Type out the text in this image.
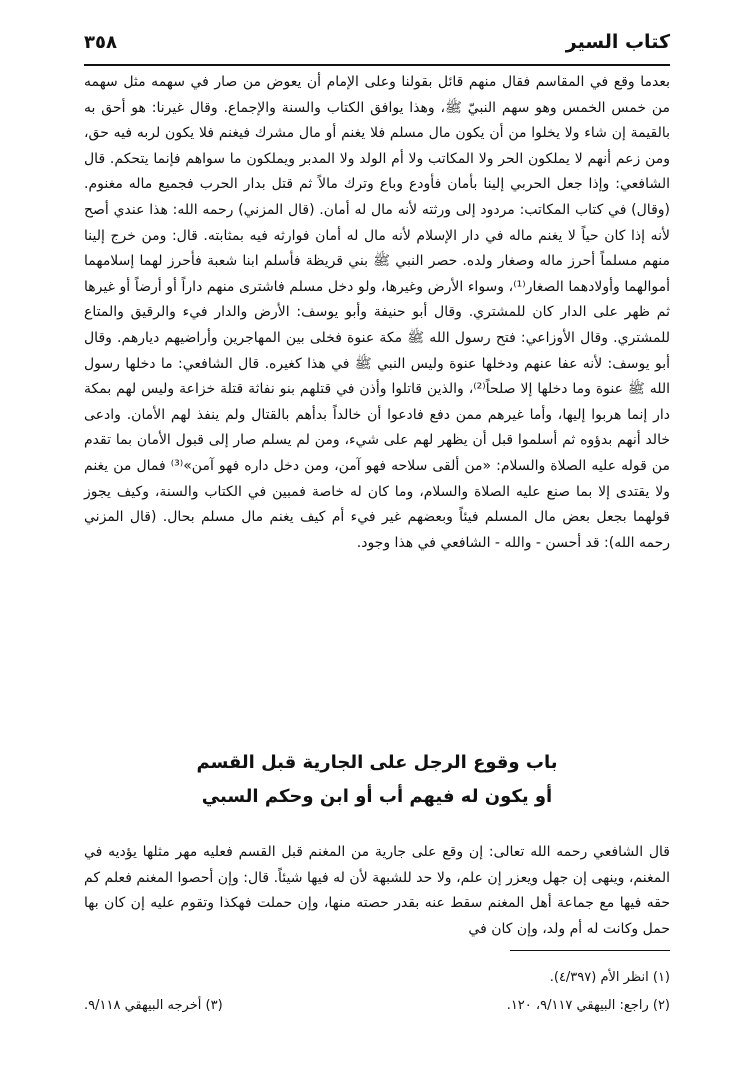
كتاب السير
٣٥٨

بعدما وقع في المقاسم فقال منهم قائل بقولنا وعلى الإمام أن يعوض من صار في سهمه مثل سهمه من خمس الخمس وهو سهم النبيّ ﷺ، وهذا يوافق الكتاب والسنة والإجماع. وقال غيرنا: هو أحق به بالقيمة إن شاء ولا يخلوا من أن يكون مال مسلم فلا يغنم أو مال مشرك فيغنم فلا يكون لربه فيه حق، ومن زعم أنهم لا يملكون الحر ولا المكاتب ولا أم الولد ولا المدبر ويملكون ما سواهم فإنما يتحكم. قال الشافعي: وإذا جعل الحربي إلينا بأمان فأودع وباع وترك مالاً ثم قتل بدار الحرب فجميع ماله مغنوم. (وقال) في كتاب المكاتب: مردود إلى ورثته لأنه مال له أمان. (قال المزني) رحمه الله: هذا عندي أصح لأنه إذا كان حياً لا يغنم ماله في دار الإسلام لأنه مال له أمان فوارثه فيه بمثابته. قال: ومن خرج إلينا منهم مسلماً أحرز ماله وصغار ولده. حصر النبي ﷺ بني قريظة فأسلم ابنا شعبة فأحرز لهما إسلامهما أموالهما وأولادهما الصغار⁽¹⁾، وسواء الأرض وغيرها، ولو دخل مسلم فاشترى منهم داراً أو أرضاً أو غيرها ثم ظهر على الدار كان للمشتري. وقال أبو حنيفة وأبو يوسف: الأرض والدار فيء والرقيق والمتاع للمشتري. وقال الأوزاعي: فتح رسول الله ﷺ مكة عنوة فخلى بين المهاجرين وأراضيهم ديارهم. وقال أبو يوسف: لأنه عفا عنهم ودخلها عنوة وليس النبي ﷺ في هذا كغيره. قال الشافعي: ما دخلها رسول الله ﷺ عنوة وما دخلها إلا صلحاً⁽²⁾، والذين قاتلوا وأذن في قتلهم بنو نفاثة قتلة خزاعة وليس لهم بمكة دار إنما هربوا إليها، وأما غيرهم ممن دفع فادعوا أن خالداً بدأهم بالقتال ولم ينفذ لهم الأمان. وادعى خالد أنهم بدؤوه ثم أسلموا قبل أن يظهر لهم على شيء، ومن لم يسلم صار إلى قبول الأمان بما تقدم من قوله عليه الصلاة والسلام: «من ألقى سلاحه فهو آمن، ومن دخل داره فهو آمن»⁽³⁾ فمال من يغنم ولا يقتدى إلا بما صنع عليه الصلاة والسلام، وما كان له خاصة فمبين في الكتاب والسنة، وكيف يجوز قولهما بجعل بعض مال المسلم فيئاً وبعضهم غير فيء أم كيف يغنم مال مسلم بحال. (قال المزني رحمه الله): قد أحسن - والله - الشافعي في هذا وجود.

باب وقوع الرجل على الجارية قبل القسم
أو يكون له فيهم أب أو ابن وحكم السبي

قال الشافعي رحمه الله تعالى: إن وقع على جارية من المغنم قبل القسم فعليه مهر مثلها يؤديه في المغنم، وينهى إن جهل ويعزر إن علم، ولا حد للشبهة لأن له فيها شيئاً. قال: وإن أحصوا المغنم فعلم كم حقه فيها مع جماعة أهل المغنم سقط عنه بقدر حصته منها، وإن حملت فهكذا وتقوم عليه إن كان بها حمل وكانت له أم ولد، وإن كان في

(١) انظر الأم (٤/٣٩٧).
(٢) راجع: البيهقي ٩/١١٧، ١٢٠.
(٣) أخرجه البيهقي ٩/١١٨.
